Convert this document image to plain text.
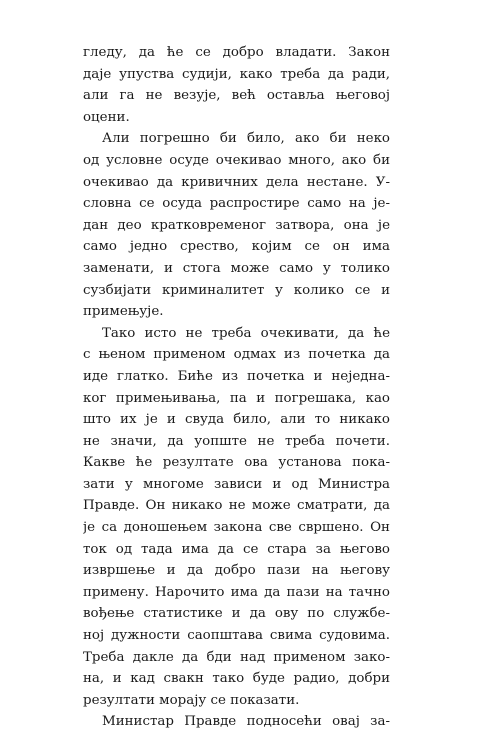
гледу, да ће се добро владати. Закон
даје упуства судији, како треба да ради,
али га не везује, већ оставља његовој
оцени.
Али погрешно би било, ако би неко
од условне осуде очекивао много, ако би
очекивао да кривичних дела нестане. У-
словна се осуда распростире само на је-
дан део кратковременог затвора, она је
само једно срество, којим се он има
заменати, и стога може само у толико
сузбијати криминалитет у колико се и
примењује.
Тако исто не треба очекивати, да ће
с њеном применом одмах из почетка да
иде глатко. Биће из почетка и неједна-
ког примењивања, па и погрешака, као
што их је и свуда било, али то никако
не значи, да уопште не треба почети.
Какве ће резултате ова установа пока-
зати у многоме зависи и од Министра
Правде. Он никако не може сматрати, да
је са доношењем закона све свршено. Он
ток од тада има да се стара за његово
извршење и да добро пази на његову
примену. Нарочито има да пази на тачно
вођење статистике и да ову по службе-
ној дужности саопштава свима судовима.
Треба дакле да бди над применом зако-
на, и кад свакн тако буде радио, добри
резултати морају се показати.
Министар Правде подносећи овај за-
